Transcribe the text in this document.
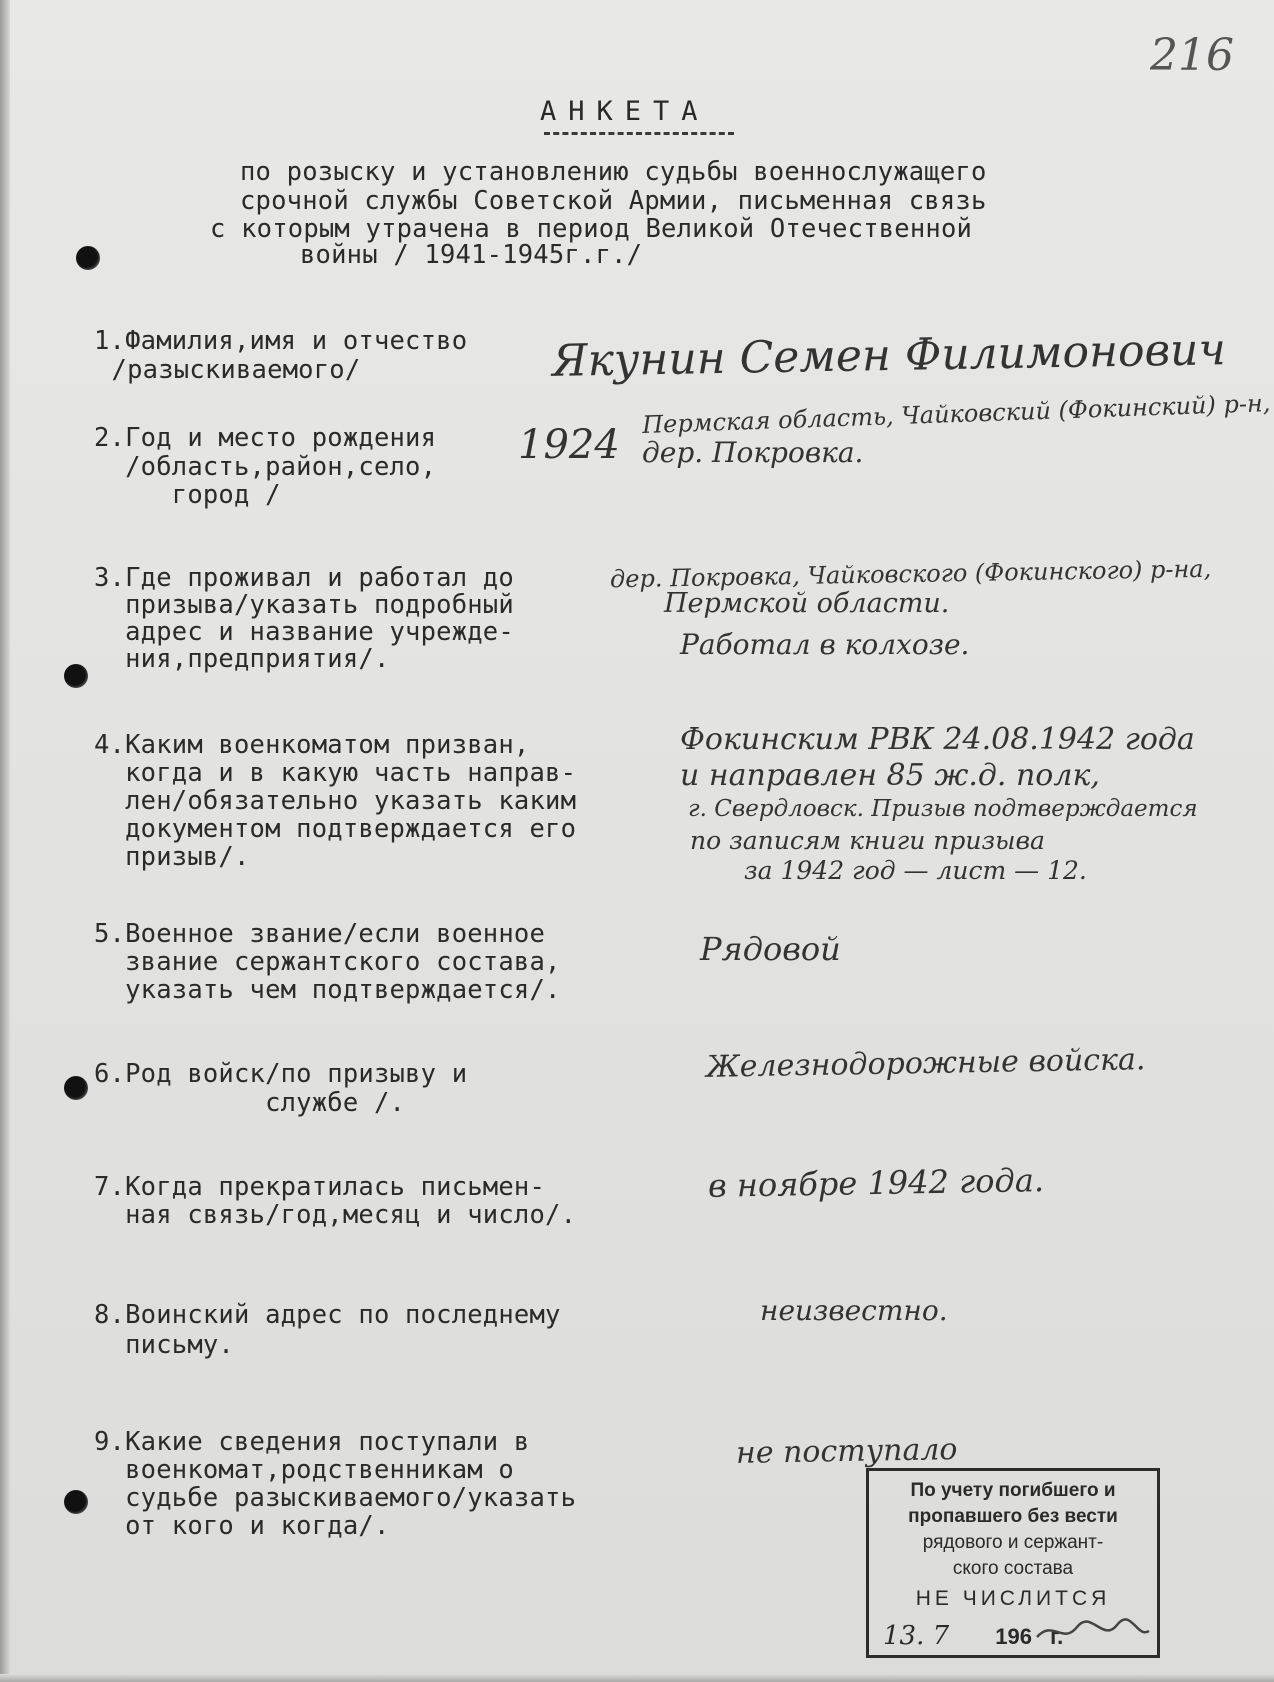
216
АНКЕТА
по розыску и установлению судьбы военнослужащего
срочной службы Советской Армии, письменная связь
с которым утрачена в период Великой Отечественной
войны / 1941-1945г.г./
1.Фамилия,имя и отчество
/разыскиваемого/	Якунин Семен Филимонович
2.Год и место рождения
/область,район,село,
город /
1924
Пермская область, Чайковский (Фокинский) р-н,
дер. Покровка.
3.Где проживал и работал до
призыва/указать подробный
адрес и название учрежде-
ния,предприятия/.
дер. Покровка, Чайковского (Фокинского) р-на,
Пермской области.
Работал в колхозе.
4.Каким военкоматом призван,
когда и в какую часть направ-
лен/обязательно указать каким
документом подтверждается его
призыв/.
Фокинским РВК 24.08.1942 года
и направлен 85 ж.д. полк,
г. Свердловск. Призыв подтверждается
по записям книги призыва
за 1942 год — лист — 12.
5.Военное звание/если военное
звание сержантского состава,
указать чем подтверждается/.
Рядовой
6.Род войск/по призыву и
службе /.
Железнодорожные войска.
7.Когда прекратилась письмен-
ная связь/год,месяц и число/.
в ноябре 1942 года.
8.Воинский адрес по последнему
письму.
неизвестно.
9.Какие сведения поступали в
военкомат,родственникам о
судьбе разыскиваемого/указать
от кого и когда/.
не поступало
По учету погибшего и
пропавшего без вести
рядового и сержант-
ского состава
НЕ ЧИСЛИТСЯ
13. 7 196 г.
